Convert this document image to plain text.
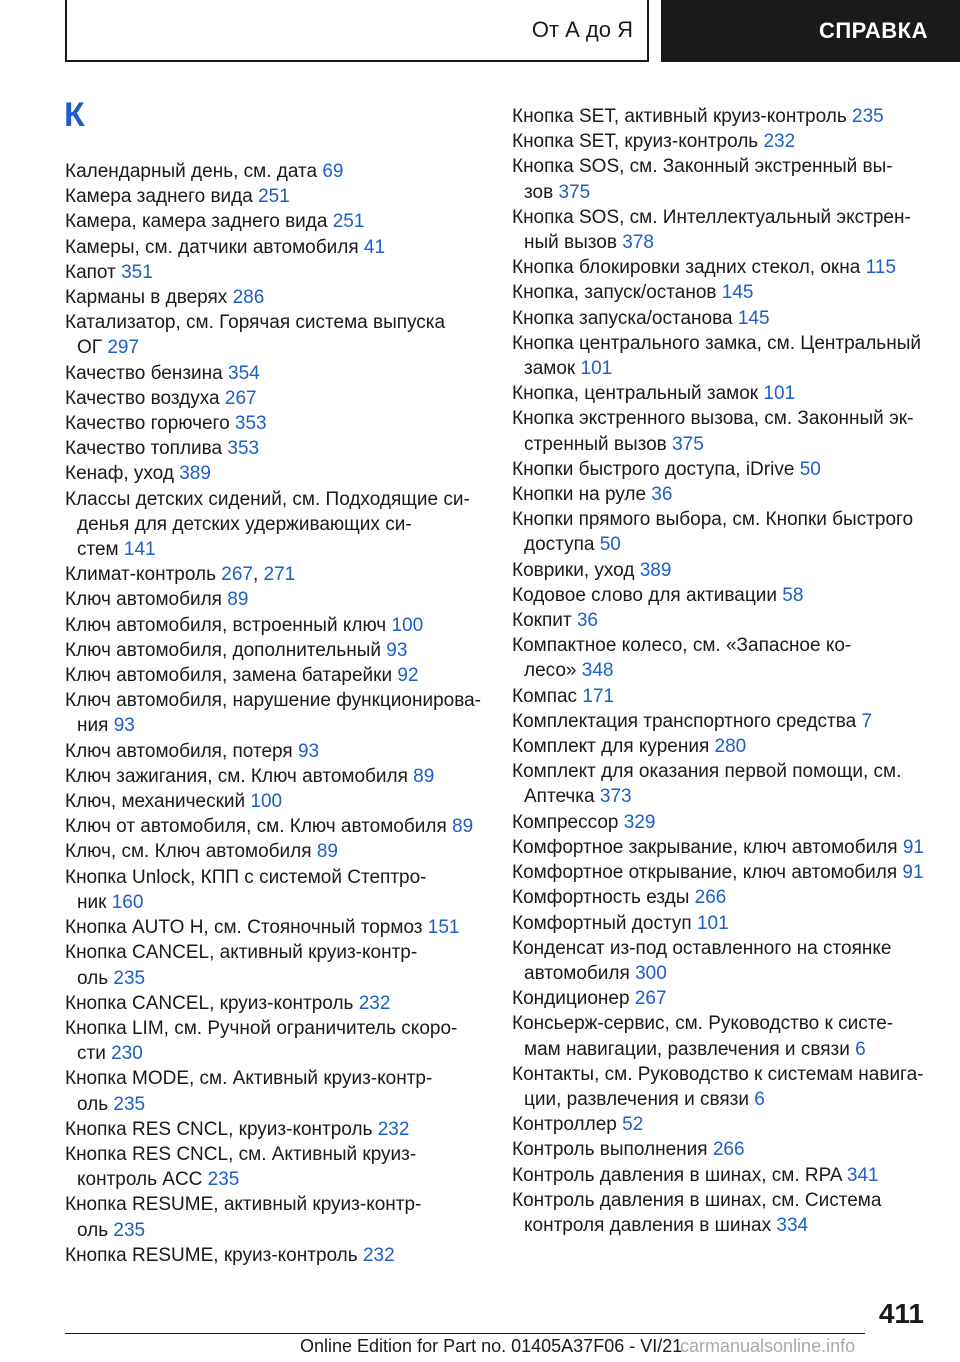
От А до Я	СПРАВКА
К
Календарный день, см. дата 69
Камера заднего вида 251
Камера, камера заднего вида 251
Камеры, см. датчики автомобиля 41
Капот 351
Карманы в дверях 286
Катализатор, см. Горячая система выпуска
ОГ 297
Качество бензина 354
Качество воздуха 267
Качество горючего 353
Качество топлива 353
Кенаф, уход 389
Классы детских сидений, см. Подходящие си‐
денья для детских удерживающих си‐
стем 141
Климат-контроль 267, 271
Ключ автомобиля 89
Ключ автомобиля, встроенный ключ 100
Ключ автомобиля, дополнительный 93
Ключ автомобиля, замена батарейки 92
Ключ автомобиля, нарушение функционирова‐
ния 93
Ключ автомобиля, потеря 93
Ключ зажигания, см. Ключ автомобиля 89
Ключ, механический 100
Ключ от автомобиля, см. Ключ автомобиля 89
Ключ, см. Ключ автомобиля 89
Кнопка Unlock, КПП с системой Стептро‐
ник 160
Кнопка AUTO H, см. Стояночный тормоз 151
Кнопка CANCEL, активный круиз-контр‐
оль 235
Кнопка CANCEL, круиз-контроль 232
Кнопка LIM, см. Ручной ограничитель скоро‐
сти 230
Кнопка MODE, см. Активный круиз-контр‐
оль 235
Кнопка RES CNCL, круиз-контроль 232
Кнопка RES CNCL, см. Активный круиз-
контроль ACC 235
Кнопка RESUME, активный круиз-контр‐
оль 235
Кнопка RESUME, круиз-контроль 232
Кнопка SET, активный круиз-контроль 235
Кнопка SET, круиз-контроль 232
Кнопка SOS, см. Законный экстренный вы‐
зов 375
Кнопка SOS, см. Интеллектуальный экстрен‐
ный вызов 378
Кнопка блокировки задних стекол, окна 115
Кнопка, запуск/останов 145
Кнопка запуска/останова 145
Кнопка центрального замка, см. Центральный
замок 101
Кнопка, центральный замок 101
Кнопка экстренного вызова, см. Законный эк‐
стренный вызов 375
Кнопки быстрого доступа, iDrive 50
Кнопки на руле 36
Кнопки прямого выбора, см. Кнопки быстрого
доступа 50
Коврики, уход 389
Кодовое слово для активации 58
Кокпит 36
Компактное колесо, см. «Запасное ко‐
лесо» 348
Компас 171
Комплектация транспортного средства 7
Комплект для курения 280
Комплект для оказания первой помощи, см.
Аптечка 373
Компрессор 329
Комфортное закрывание, ключ автомобиля 91
Комфортное открывание, ключ автомобиля 91
Комфортность езды 266
Комфортный доступ 101
Конденсат из-под оставленного на стоянке
автомобиля 300
Кондиционер 267
Консьерж-сервис, см. Руководство к систе‐
мам навигации, развлечения и связи 6
Контакты, см. Руководство к системам навига‐
ции, развлечения и связи 6
Контроллер 52
Контроль выполнения 266
Контроль давления в шинах, см. RPA 341
Контроль давления в шинах, см. Система
контроля давления в шинах 334
411
Online Edition for Part no. 01405A37F06 - VI/21
carmanualsonline.info
